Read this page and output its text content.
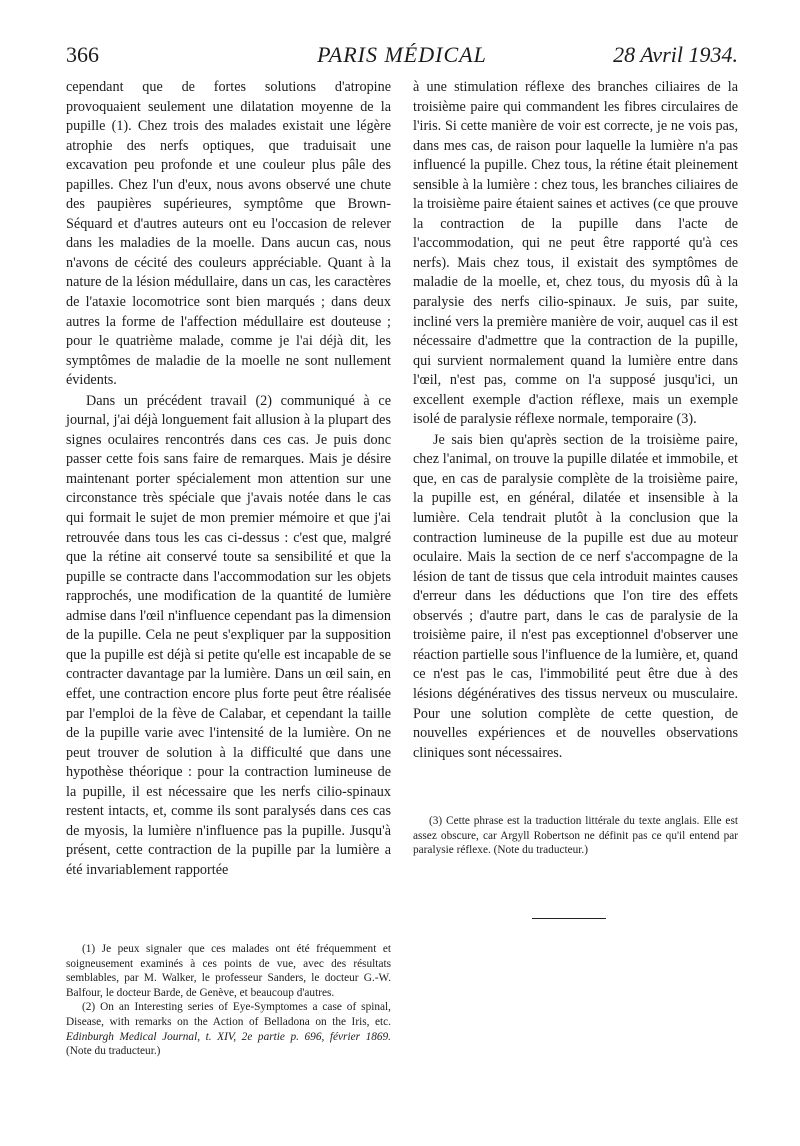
366	PARIS MÉDICAL	28 Avril 1934.

cependant que de fortes solutions d'atropine provoquaient seulement une dilatation moyenne de la pupille (1). Chez trois des malades existait une légère atrophie des nerfs optiques, que traduisait une excavation peu profonde et une couleur plus pâle des papilles. Chez l'un d'eux, nous avons observé une chute des paupières supérieures, symptôme que Brown-Séquard et d'autres auteurs ont eu l'occasion de relever dans les maladies de la moelle. Dans aucun cas, nous n'avons de cécité des couleurs appréciable. Quant à la nature de la lésion médullaire, dans un cas, les caractères de l'ataxie locomotrice sont bien marqués ; dans deux autres la forme de l'affection médullaire est douteuse ; pour le quatrième malade, comme je l'ai déjà dit, les symptômes de maladie de la moelle ne sont nullement évidents.

Dans un précédent travail (2) communiqué à ce journal, j'ai déjà longuement fait allusion à la plupart des signes oculaires rencontrés dans ces cas. Je puis donc passer cette fois sans faire de remarques. Mais je désire maintenant porter spécialement mon attention sur une circonstance très spéciale que j'avais notée dans le cas qui formait le sujet de mon premier mémoire et que j'ai retrouvée dans tous les cas ci-dessus : c'est que, malgré que la rétine ait conservé toute sa sensibilité et que la pupille se contracte dans l'accommodation sur les objets rapprochés, une modification de la quantité de lumière admise dans l'œil n'influence cependant pas la dimension de la pupille. Cela ne peut s'expliquer par la supposition que la pupille est déjà si petite qu'elle est incapable de se contracter davantage par la lumière. Dans un œil sain, en effet, une contraction encore plus forte peut être réalisée par l'emploi de la fève de Calabar, et cependant la taille de la pupille varie avec l'intensité de la lumière. On ne peut trouver de solution à la difficulté que dans une hypothèse théorique : pour la contraction lumineuse de la pupille, il est nécessaire que les nerfs cilio-spinaux restent intacts, et, comme ils sont paralysés dans ces cas de myosis, la lumière n'influence pas la pupille. Jusqu'à présent, cette contraction de la pupille par la lumière a été invariablement rapportée

à une stimulation réflexe des branches ciliaires de la troisième paire qui commandent les fibres circulaires de l'iris. Si cette manière de voir est correcte, je ne vois pas, dans mes cas, de raison pour laquelle la lumière n'a pas influencé la pupille. Chez tous, la rétine était pleinement sensible à la lumière : chez tous, les branches ciliaires de la troisième paire étaient saines et actives (ce que prouve la contraction de la pupille dans l'acte de l'accommodation, qui ne peut être rapporté qu'à ces nerfs). Mais chez tous, il existait des symptômes de maladie de la moelle, et, chez tous, du myosis dû à la paralysie des nerfs cilio-spinaux. Je suis, par suite, incliné vers la première manière de voir, auquel cas il est nécessaire d'admettre que la contraction de la pupille, qui survient normalement quand la lumière entre dans l'œil, n'est pas, comme on l'a supposé jusqu'ici, un excellent exemple d'action réflexe, mais un exemple isolé de paralysie réflexe normale, temporaire (3).

Je sais bien qu'après section de la troisième paire, chez l'animal, on trouve la pupille dilatée et immobile, et que, en cas de paralysie complète de la troisième paire, la pupille est, en général, dilatée et insensible à la lumière. Cela tendrait plutôt à la conclusion que la contraction lumineuse de la pupille est due au moteur oculaire. Mais la section de ce nerf s'accompagne de la lésion de tant de tissus que cela introduit maintes causes d'erreur dans les déductions que l'on tire des effets observés ; d'autre part, dans le cas de paralysie de la troisième paire, il n'est pas exceptionnel d'observer une réaction partielle sous l'influence de la lumière, et, quand ce n'est pas le cas, l'immobilité peut être due à des lésions dégénératives des tissus nerveux ou musculaire. Pour une solution complète de cette question, de nouvelles expériences et de nouvelles observations cliniques sont nécessaires.

(3) Cette phrase est la traduction littérale du texte anglais. Elle est assez obscure, car Argyll Robertson ne définit pas ce qu'il entend par paralysie réflexe. (Note du traducteur.)

(1) Je peux signaler que ces malades ont été fréquemment et soigneusement examinés à ces points de vue, avec des résultats semblables, par M. Walker, le professeur Sanders, le docteur G.-W. Balfour, le docteur Barde, de Genève, et beaucoup d'autres.

(2) On an Interesting series of Eye-Symptomes a case of spinal, Disease, with remarks on the Action of Belladona on the Iris, etc. Edinburgh Medical Journal, t. XIV, 2e partie p. 696, février 1869. (Note du traducteur.)
